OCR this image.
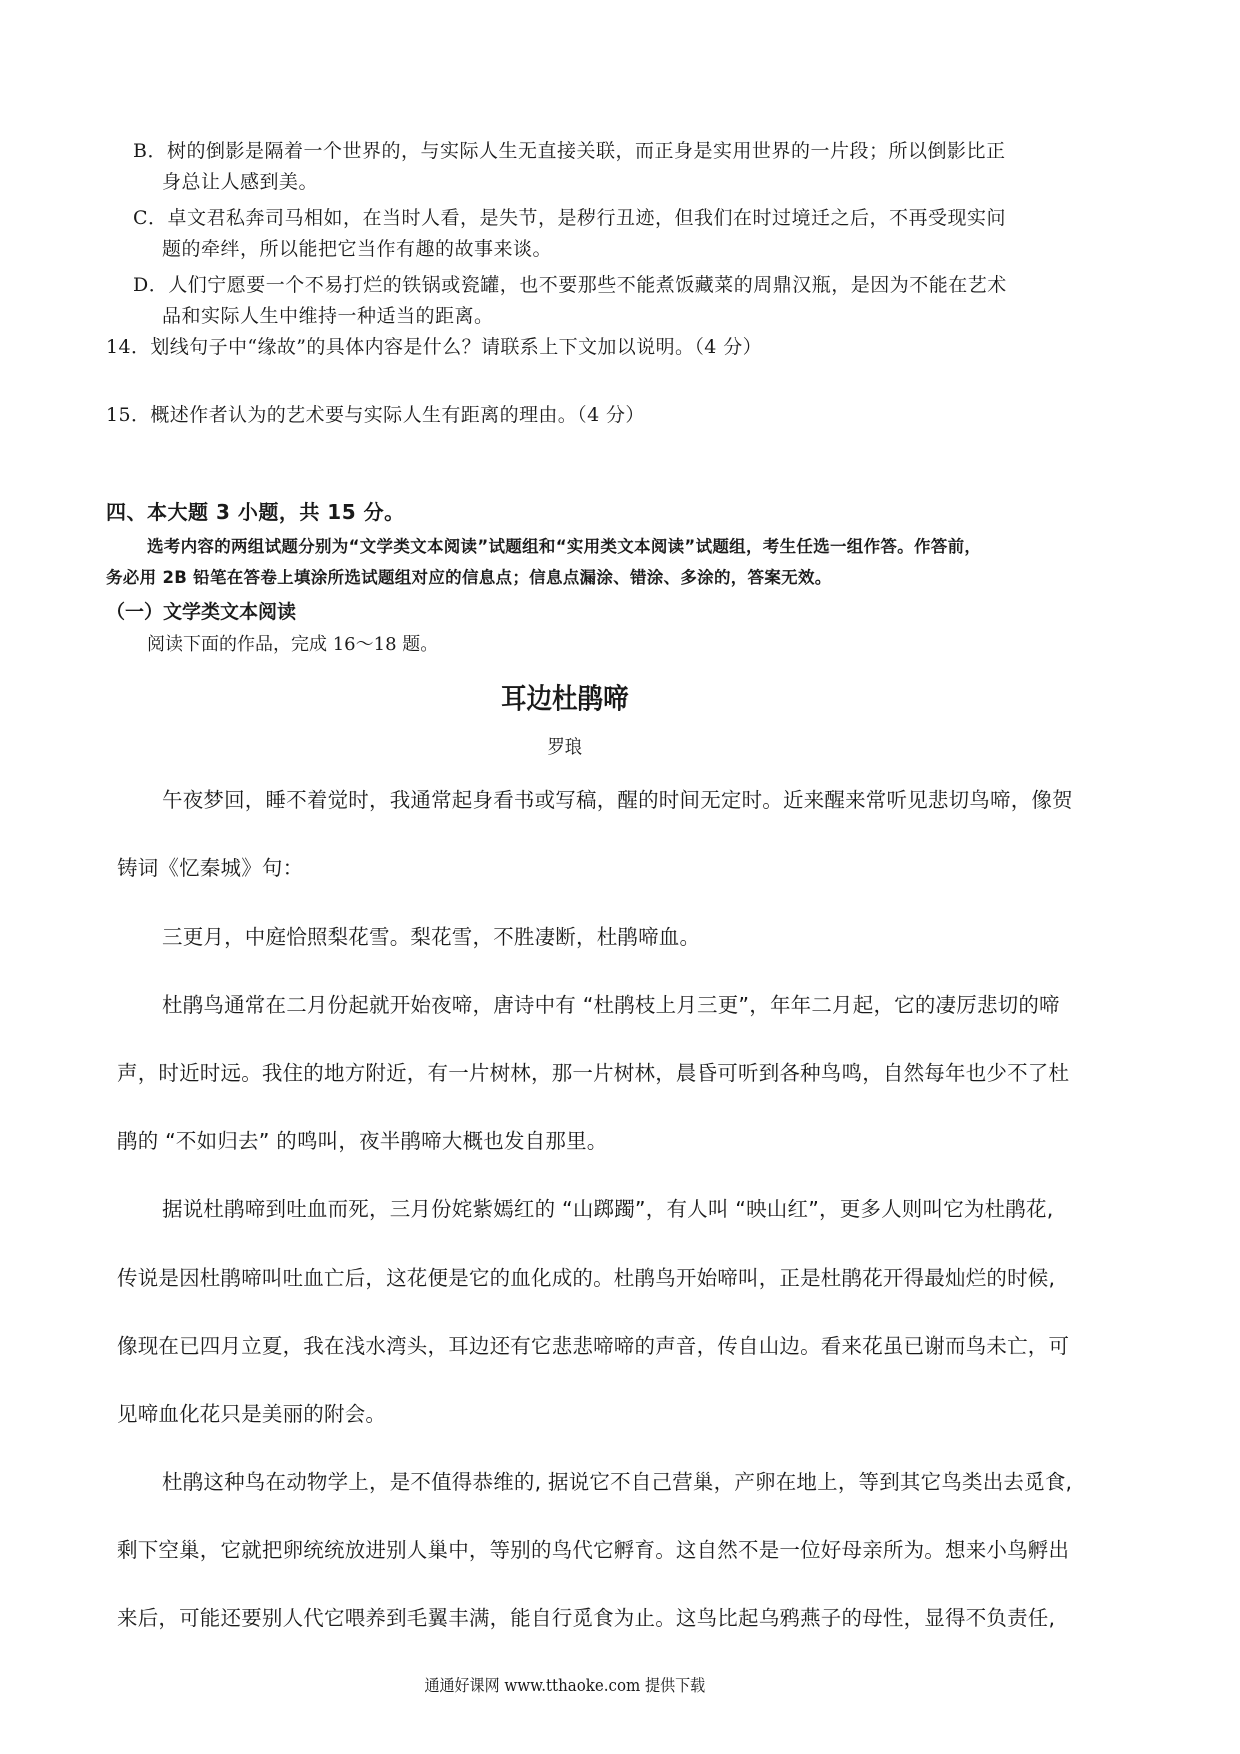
B．树的倒影是隔着一个世界的，与实际人生无直接关联，而正身是实用世界的一片段；所以倒影比正
身总让人感到美。
C．卓文君私奔司马相如，在当时人看，是失节，是秽行丑迹，但我们在时过境迁之后，不再受现实问
题的牵绊，所以能把它当作有趣的故事来谈。
D．人们宁愿要一个不易打烂的铁锅或瓷罐，也不要那些不能煮饭藏菜的周鼎汉瓶，是因为不能在艺术
品和实际人生中维持一种适当的距离。
14．划线句子中“缘故”的具体内容是什么？请联系上下文加以说明。（4 分）
15．概述作者认为的艺术要与实际人生有距离的理由。（4 分）
四、本大题 3 小题，共 15 分。
选考内容的两组试题分别为“文学类文本阅读”试题组和“实用类文本阅读”试题组，考生任选一组作答。作答前，
务必用 2B 铅笔在答卷上填涂所选试题组对应的信息点；信息点漏涂、错涂、多涂的，答案无效。
（一）文学类文本阅读
阅读下面的作品，完成 16～18 题。
耳边杜鹃啼
罗琅
午夜梦回，睡不着觉时，我通常起身看书或写稿，醒的时间无定时。近来醒来常听见悲切鸟啼，像贺
铸词《忆秦城》句：
三更月，中庭恰照梨花雪。梨花雪，不胜凄断，杜鹃啼血。
杜鹃鸟通常在二月份起就开始夜啼，唐诗中有 “杜鹃枝上月三更”，年年二月起，它的凄厉悲切的啼
声，时近时远。我住的地方附近，有一片树林，那一片树林，晨昏可听到各种鸟鸣，自然每年也少不了杜
鹃的 “不如归去” 的鸣叫，夜半鹃啼大概也发自那里。
据说杜鹃啼到吐血而死，三月份姹紫嫣红的 “山踯躅”，有人叫 “映山红”，更多人则叫它为杜鹃花,
传说是因杜鹃啼叫吐血亡后，这花便是它的血化成的。杜鹃鸟开始啼叫，正是杜鹃花开得最灿烂的时候,
像现在已四月立夏，我在浅水湾头，耳边还有它悲悲啼啼的声音，传自山边。看来花虽已谢而鸟未亡，可
见啼血化花只是美丽的附会。
杜鹃这种鸟在动物学上，是不值得恭维的, 据说它不自己营巢，产卵在地上，等到其它鸟类出去觅食,
剩下空巢，它就把卵统统放进别人巢中，等别的鸟代它孵育。这自然不是一位好母亲所为。想来小鸟孵出
来后，可能还要别人代它喂养到毛翼丰满，能自行觅食为止。这鸟比起乌鸦燕子的母性，显得不负责任,
通通好课网 www.tthaoke.com 提供下载
